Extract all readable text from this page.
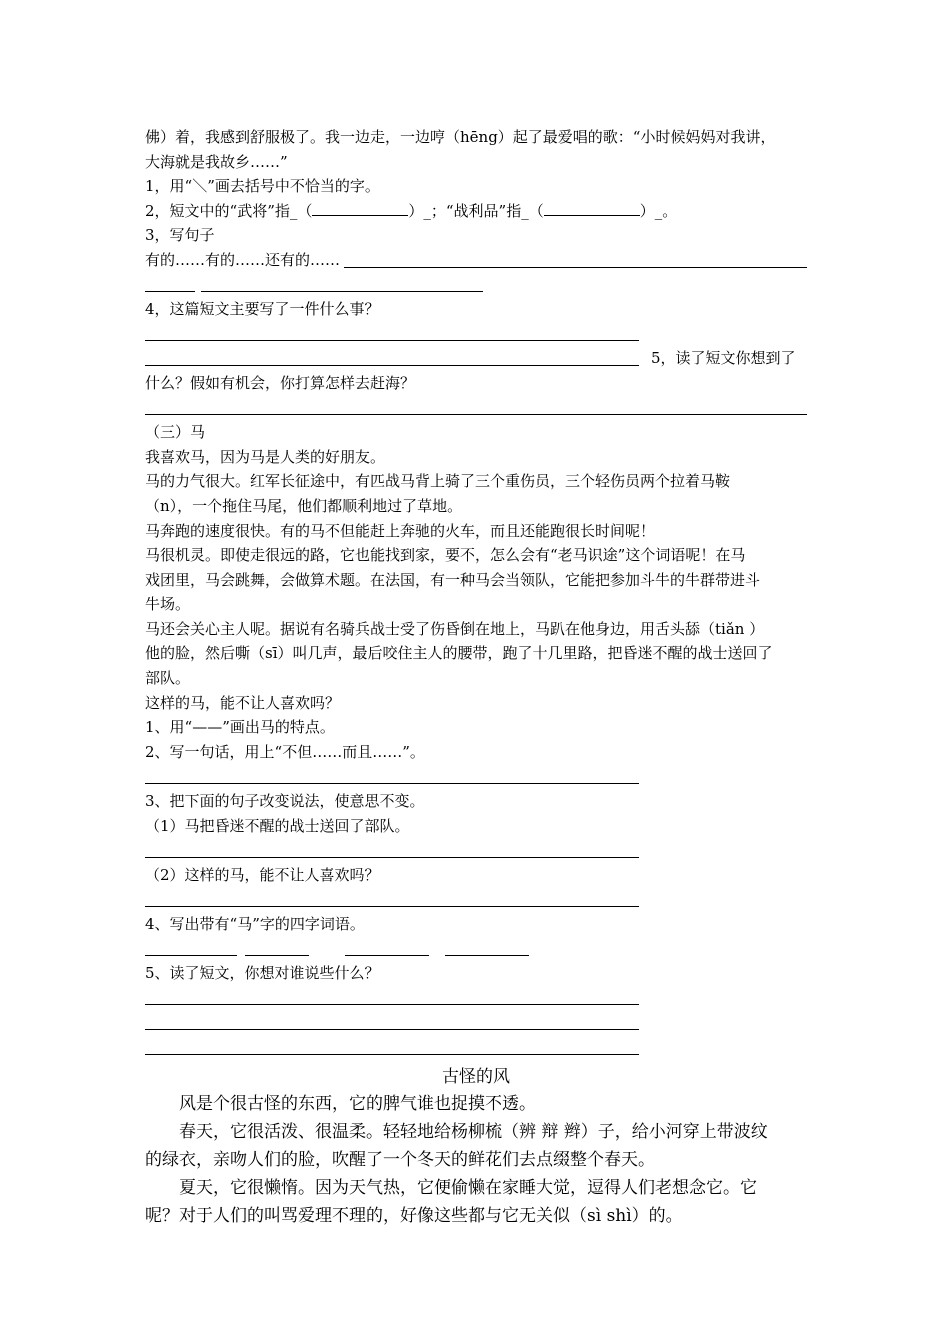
佛）着，我感到舒服极了。我一边走，一边哼（hēng）起了最爱唱的歌：“小时候妈妈对我讲，
大海就是我故乡……”
1，用“＼”画去括号中不恰当的字。
2，短文中的“武将”指_（	）_；“战利品”指_（	）_。
3，写句子
有的……有的……还有的……
4，这篇短文主要写了一件什么事？
5，读了短文你想到了
什么？假如有机会，你打算怎样去赶海？
（三）马
我喜欢马，因为马是人类的好朋友。
马的力气很大。红军长征途中，有匹战马背上骑了三个重伤员，三个轻伤员两个拉着马鞍
（n），一个拖住马尾，他们都顺利地过了草地。
马奔跑的速度很快。有的马不但能赶上奔驰的火车，而且还能跑很长时间呢！
马很机灵。即使走很远的路，它也能找到家，要不，怎么会有“老马识途”这个词语呢！在马
戏团里，马会跳舞，会做算术题。在法国，有一种马会当领队，它能把参加斗牛的牛群带进斗
牛场。
马还会关心主人呢。据说有名骑兵战士受了伤昏倒在地上，马趴在他身边，用舌头舔（tiǎn ）
他的脸，然后嘶（sī）叫几声，最后咬住主人的腰带，跑了十几里路，把昏迷不醒的战士送回了
部队。
这样的马，能不让人喜欢吗？
1、用“——”画出马的特点。
2、写一句话，用上“不但……而且……”。
3、把下面的句子改变说法，使意思不变。
（1）马把昏迷不醒的战士送回了部队。
（2）这样的马，能不让人喜欢吗？
4、写出带有“马”字的四字词语。
5、读了短文，你想对谁说些什么？
古怪的风
风是个很古怪的东西，它的脾气谁也捉摸不透。
春天，它很活泼、很温柔。轻轻地给杨柳梳（辨 辩 辫）子，给小河穿上带波纹
的绿衣，亲吻人们的脸，吹醒了一个冬天的鲜花们去点缀整个春天。
夏天，它很懒惰。因为天气热，它便偷懒在家睡大觉，逗得人们老想念它。它
呢？对于人们的叫骂爱理不理的，好像这些都与它无关似（sì shì）的。
